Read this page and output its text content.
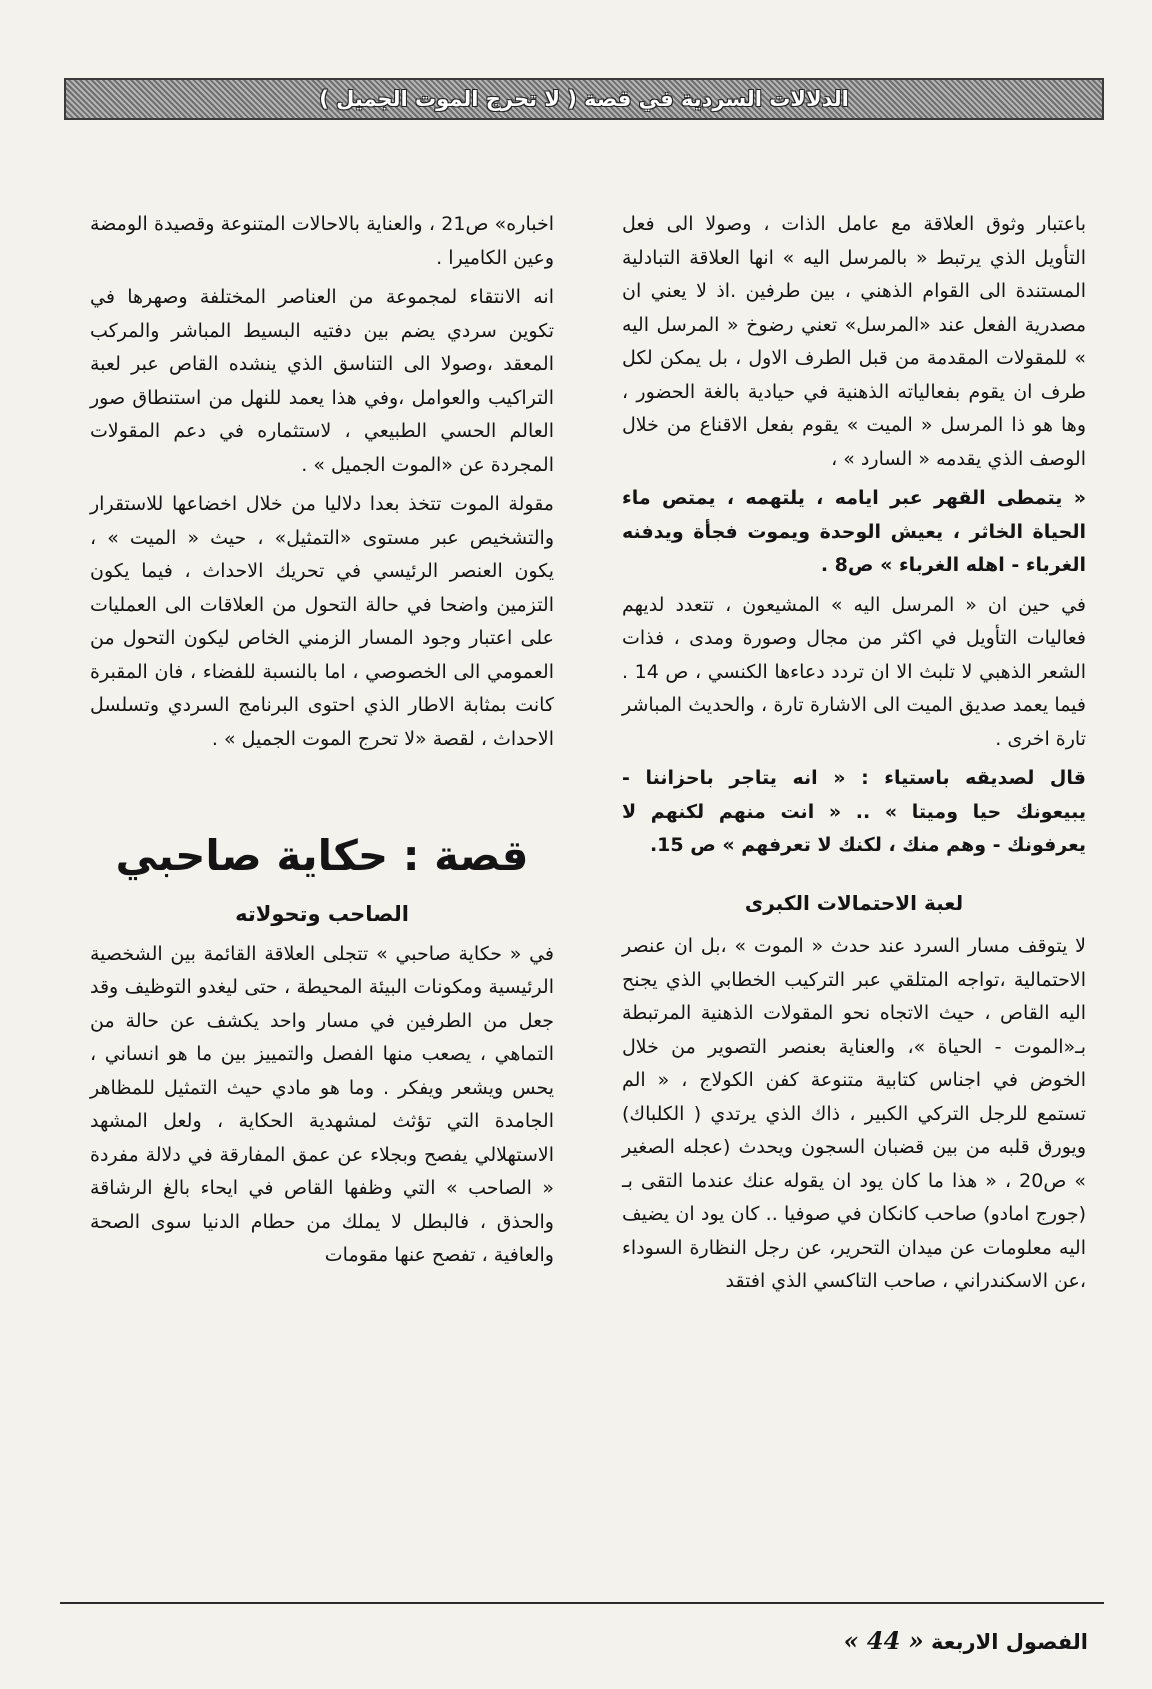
الدلالات السردية في قصة ( لا تحرج الموت الجميل )

باعتبار وثوق العلاقة مع عامل الذات ، وصولا الى فعل التأويل الذي يرتبط « بالمرسل اليه » انها العلاقة التبادلية المستندة الى القوام الذهني ، بين طرفين .اذ لا يعني ان مصدرية الفعل عند «المرسل» تعني رضوخ « المرسل اليه » للمقولات المقدمة من قبل الطرف الاول ، بل يمكن لكل طرف ان يقوم بفعالياته الذهنية في حيادية بالغة الحضور ، وها هو ذا المرسل « الميت » يقوم بفعل الاقناع من خلال الوصف الذي يقدمه « السارد » ،

« يتمطى القهر عبر ايامه ، يلتهمه ، يمتص ماء الحياة الخاثر ، يعيش الوحدة ويموت فجأة ويدفنه الغرباء - اهله الغرباء » ص8 .

في حين ان « المرسل اليه » المشيعون ، تتعدد لديهم فعاليات التأويل في اكثر من مجال وصورة ومدى ، فذات الشعر الذهبي لا تلبث الا ان تردد دعاءها الكنسي ، ص 14 . فيما يعمد صديق الميت الى الاشارة تارة ، والحديث المباشر تارة اخرى .

قال لصديقه باستياء : « انه يتاجر باحزاننا - يبيعونك حيا وميتا » .. « انت منهم لكنهم لا يعرفونك - وهم منك ، لكنك لا تعرفهم » ص 15.

لعبة الاحتمالات الكبرى

لا يتوقف مسار السرد عند حدث « الموت » ،بل ان عنصر الاحتمالية ،تواجه المتلقي عبر التركيب الخطابي الذي يجنح اليه القاص ، حيث الاتجاه نحو المقولات الذهنية المرتبطة بـ«الموت - الحياة »، والعناية بعنصر التصوير من خلال الخوض في اجناس كتابية متنوعة كفن الكولاج ، « الم تستمع للرجل التركي الكبير ، ذاك الذي يرتدي ( الكلباك) ويورق قلبه من بين قضبان السجون ويحدث (عجله الصغير » ص20 ، « هذا ما كان يود ان يقوله عنك عندما التقى بـ (جورج امادو) صاحب كانكان في صوفيا .. كان يود ان يضيف اليه معلومات عن ميدان التحرير، عن رجل النظارة السوداء ،عن الاسكندراني ، صاحب التاكسي الذي افتقد

اخباره» ص21 ، والعناية بالاحالات المتنوعة وقصيدة الومضة وعين الكاميرا .

انه الانتقاء لمجموعة من العناصر المختلفة وصهرها في تكوين سردي يضم بين دفتيه البسيط المباشر والمركب المعقد ،وصولا الى التناسق الذي ينشده القاص عبر لعبة التراكيب والعوامل ،وفي هذا يعمد للنهل من استنطاق صور العالم الحسي الطبيعي ، لاستثماره في دعم المقولات المجردة عن «الموت الجميل » .

مقولة الموت تتخذ بعدا دلاليا من خلال اخضاعها للاستقرار والتشخيص عبر مستوى «التمثيل» ، حيث « الميت » ، يكون العنصر الرئيسي في تحريك الاحداث ، فيما يكون التزمين واضحا في حالة التحول من العلاقات الى العمليات على اعتبار وجود المسار الزمني الخاص ليكون التحول من العمومي الى الخصوصي ، اما بالنسبة للفضاء ، فان المقبرة كانت بمثابة الاطار الذي احتوى البرنامج السردي وتسلسل الاحداث ، لقصة «لا تحرج الموت الجميل » .

قصة : حكاية صاحبي
الصاحب وتحولاته

في « حكاية صاحبي » تتجلى العلاقة القائمة بين الشخصية الرئيسية ومكونات البيئة المحيطة ، حتى ليغدو التوظيف وقد جعل من الطرفين في مسار واحد يكشف عن حالة من التماهي ، يصعب منها الفصل والتمييز بين ما هو انساني ، يحس ويشعر ويفكر . وما هو مادي حيث التمثيل للمظاهر الجامدة التي تؤثث لمشهدية الحكاية ، ولعل المشهد الاستهلالي يفصح وبجلاء عن عمق المفارقة في دلالة مفردة « الصاحب » التي وظفها القاص في ايحاء بالغ الرشاقة والحذق ، فالبطل لا يملك من حطام الدنيا سوى الصحة والعافية ، تفصح عنها مقومات

الفصول الاربعة « 44 »
